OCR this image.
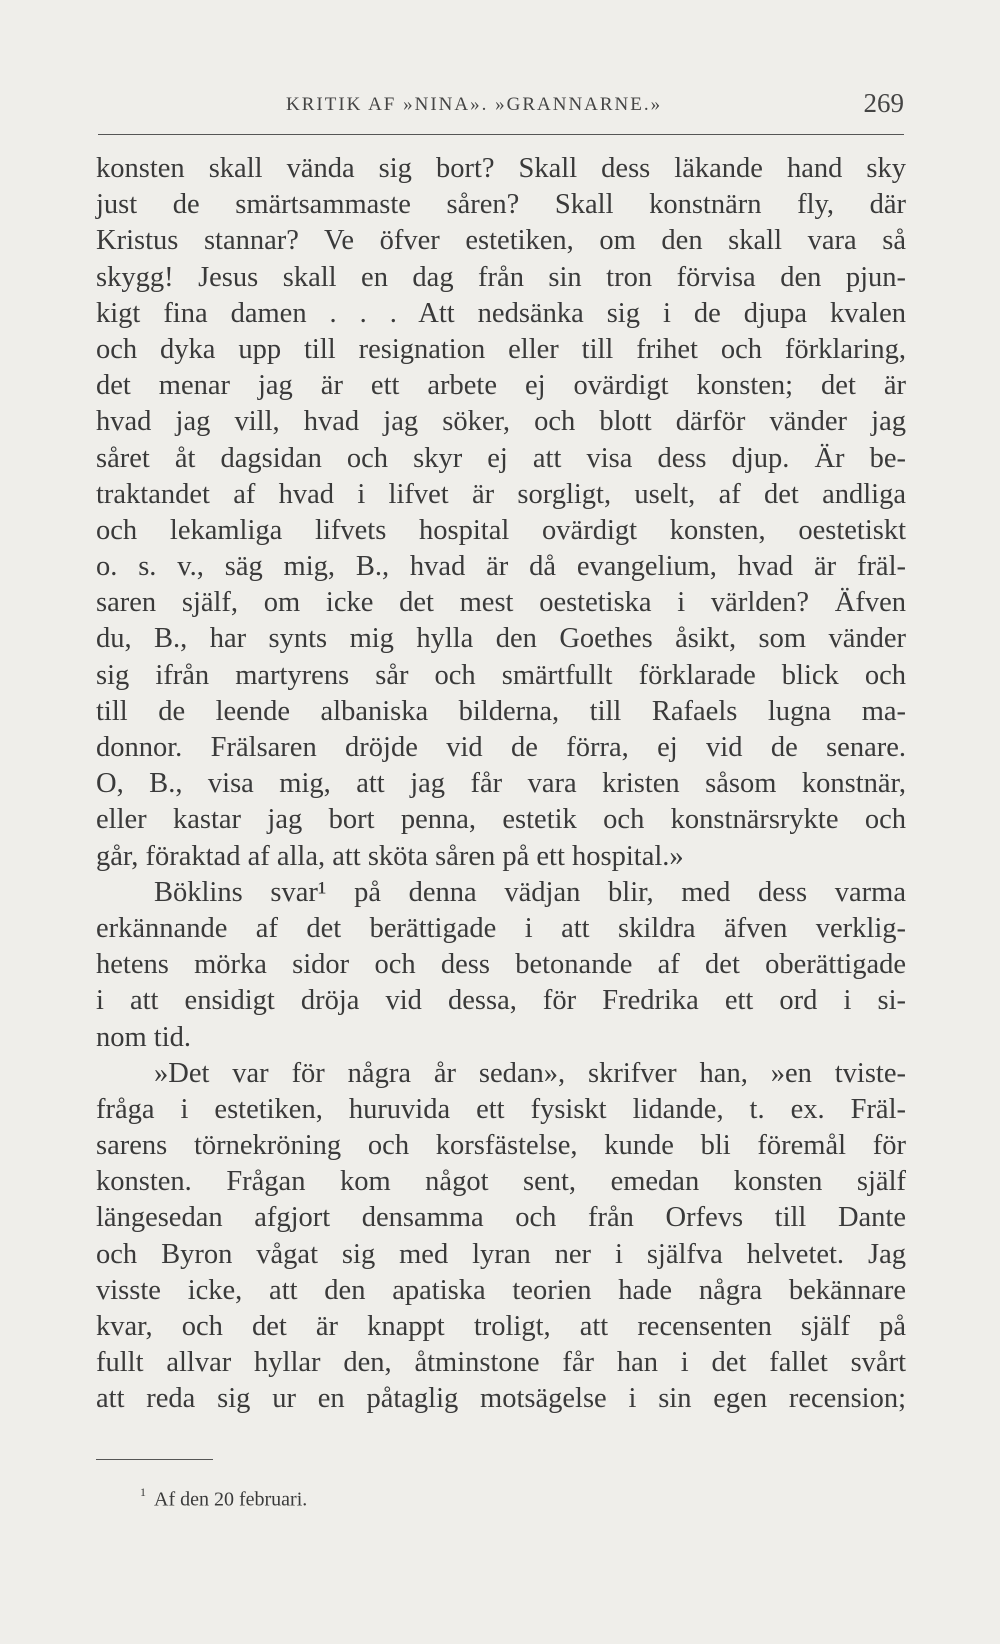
KRITIK AF »NINA». »GRANNARNE.»	269
konsten skall vända sig bort? Skall dess läkande hand sky
just de smärtsammaste såren? Skall konstnärn fly, där
Kristus stannar? Ve öfver estetiken, om den skall vara så
skygg! Jesus skall en dag från sin tron förvisa den pjun-
kigt fina damen . . . Att nedsänka sig i de djupa kvalen
och dyka upp till resignation eller till frihet och förklaring,
det menar jag är ett arbete ej ovärdigt konsten; det är
hvad jag vill, hvad jag söker, och blott därför vänder jag
såret åt dagsidan och skyr ej att visa dess djup. Är be-
traktandet af hvad i lifvet är sorgligt, uselt, af det andliga
och lekamliga lifvets hospital ovärdigt konsten, oestetiskt
o. s. v., säg mig, B., hvad är då evangelium, hvad är fräl-
saren själf, om icke det mest oestetiska i världen? Äfven
du, B., har synts mig hylla den Goethes åsikt, som vänder
sig ifrån martyrens sår och smärtfullt förklarade blick och
till de leende albaniska bilderna, till Rafaels lugna ma-
donnor. Frälsaren dröjde vid de förra, ej vid de senare.
O, B., visa mig, att jag får vara kristen såsom konstnär,
eller kastar jag bort penna, estetik och konstnärsrykte och
går, föraktad af alla, att sköta såren på ett hospital.»
Böklins svar¹ på denna vädjan blir, med dess varma
erkännande af det berättigade i att skildra äfven verklig-
hetens mörka sidor och dess betonande af det oberättigade
i att ensidigt dröja vid dessa, för Fredrika ett ord i si-
nom tid.
»Det var för några år sedan», skrifver han, »en tviste-
fråga i estetiken, huruvida ett fysiskt lidande, t. ex. Fräl-
sarens törnekröning och korsfästelse, kunde bli föremål för
konsten. Frågan kom något sent, emedan konsten själf
längesedan afgjort densamma och från Orfevs till Dante
och Byron vågat sig med lyran ner i själfva helvetet. Jag
visste icke, att den apatiska teorien hade några bekännare
kvar, och det är knappt troligt, att recensenten själf på
fullt allvar hyllar den, åtminstone får han i det fallet svårt
att reda sig ur en påtaglig motsägelse i sin egen recension;
$^1$ Af den 20 februari.
